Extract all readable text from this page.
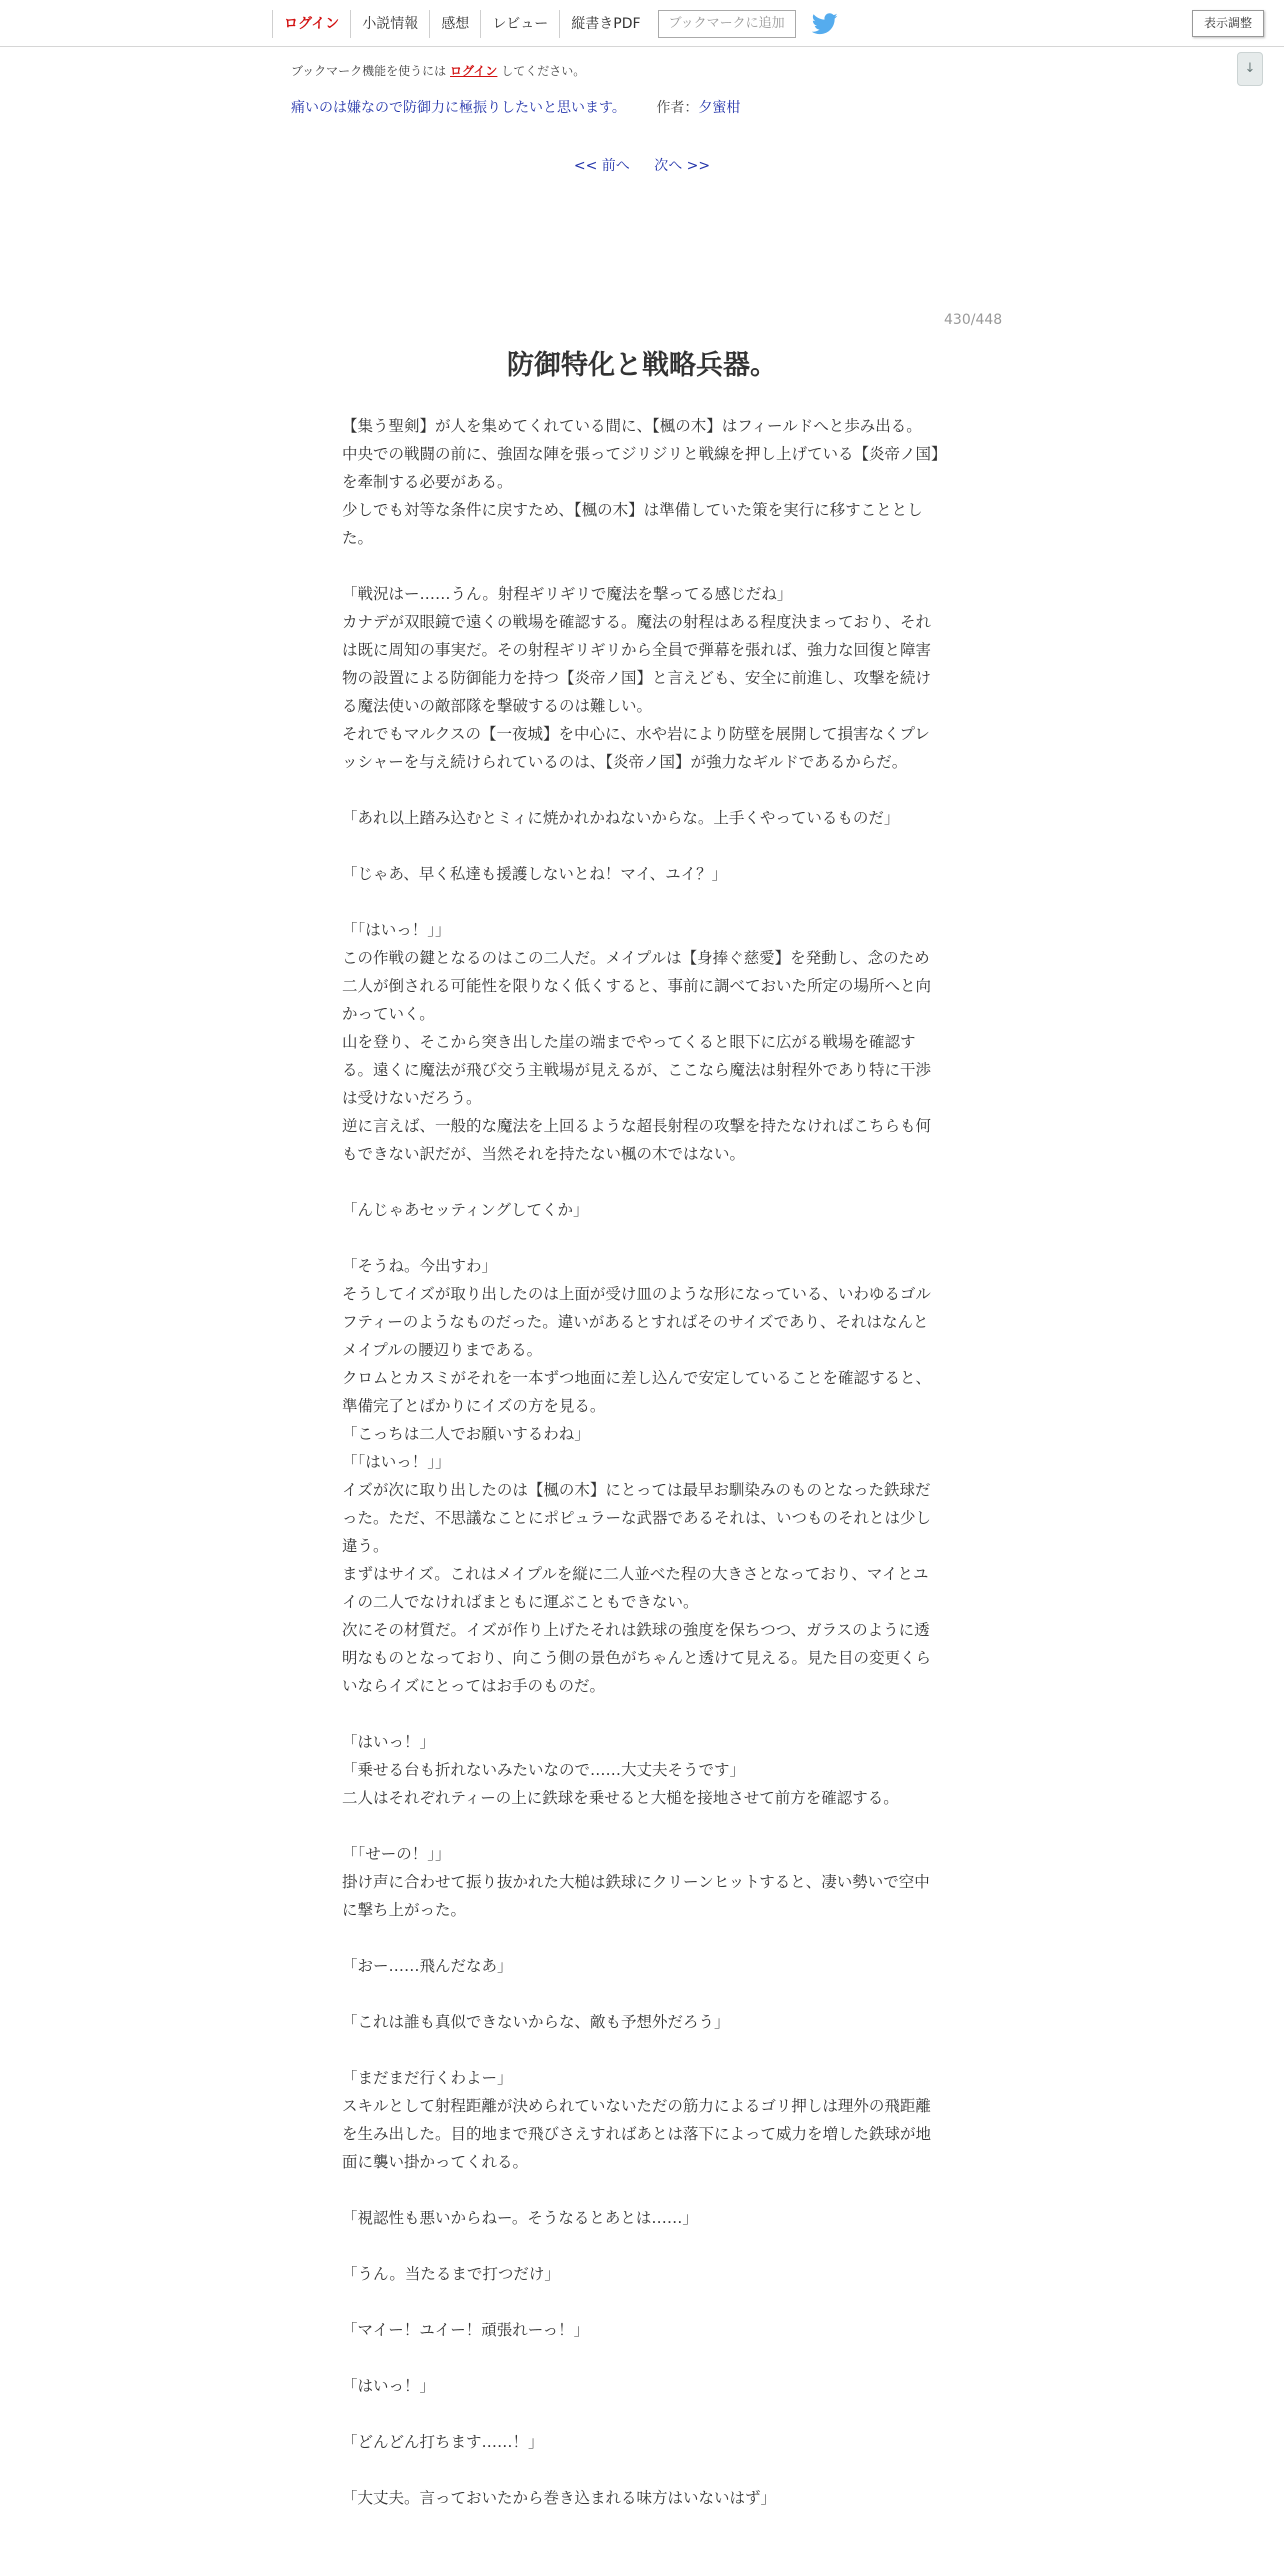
ログイン	小説情報	感想	レビュー	縦書きPDF	ブックマークに追加	表示調整
↓
ブックマーク機能を使うには ログイン してください。
痛いのは嫌なので防御力に極振りしたいと思います。 作者：夕蜜柑
<< 前へ 次へ >>
430/448
防御特化と戦略兵器。

【集う聖剣】が人を集めてくれている間に、【楓の木】はフィールドへと歩み出る。

中央での戦闘の前に、強固な陣を張ってジリジリと戦線を押し上げている【炎帝ノ国】を牽制する必要がある。

少しでも対等な条件に戻すため、【楓の木】は準備していた策を実行に移すこととした。

「戦況はー……うん。射程ギリギリで魔法を撃ってる感じだね」

カナデが双眼鏡で遠くの戦場を確認する。魔法の射程はある程度決まっており、それは既に周知の事実だ。その射程ギリギリから全員で弾幕を張れば、強力な回復と障害物の設置による防御能力を持つ【炎帝ノ国】と言えども、安全に前進し、攻撃を続ける魔法使いの敵部隊を撃破するのは難しい。

それでもマルクスの【一夜城】を中心に、水や岩により防壁を展開して損害なくプレッシャーを与え続けられているのは、【炎帝ノ国】が強力なギルドであるからだ。

「あれ以上踏み込むとミィに焼かれかねないからな。上手くやっているものだ」

「じゃあ、早く私達も援護しないとね！マイ、ユイ？」

「「はいっ！」」

この作戦の鍵となるのはこの二人だ。メイプルは【身捧ぐ慈愛】を発動し、念のため二人が倒される可能性を限りなく低くすると、事前に調べておいた所定の場所へと向かっていく。

山を登り、そこから突き出した崖の端までやってくると眼下に広がる戦場を確認する。遠くに魔法が飛び交う主戦場が見えるが、ここなら魔法は射程外であり特に干渉は受けないだろう。

逆に言えば、一般的な魔法を上回るような超長射程の攻撃を持たなければこちらも何もできない訳だが、当然それを持たない楓の木ではない。

「んじゃあセッティングしてくか」

「そうね。今出すわ」

そうしてイズが取り出したのは上面が受け皿のような形になっている、いわゆるゴルフティーのようなものだった。違いがあるとすればそのサイズであり、それはなんとメイプルの腰辺りまである。

クロムとカスミがそれを一本ずつ地面に差し込んで安定していることを確認すると、準備完了とばかりにイズの方を見る。

「こっちは二人でお願いするわね」

「「はいっ！」」

イズが次に取り出したのは【楓の木】にとっては最早お馴染みのものとなった鉄球だった。ただ、不思議なことにポピュラーな武器であるそれは、いつものそれとは少し違う。

まずはサイズ。これはメイプルを縦に二人並べた程の大きさとなっており、マイとユイの二人でなければまともに運ぶこともできない。

次にその材質だ。イズが作り上げたそれは鉄球の強度を保ちつつ、ガラスのように透明なものとなっており、向こう側の景色がちゃんと透けて見える。見た目の変更くらいならイズにとってはお手のものだ。

「はいっ！」

「乗せる台も折れないみたいなので……大丈夫そうです」

二人はそれぞれティーの上に鉄球を乗せると大槌を接地させて前方を確認する。

「「せーの！」」

掛け声に合わせて振り抜かれた大槌は鉄球にクリーンヒットすると、凄い勢いで空中に撃ち上がった。

「おー……飛んだなあ」

「これは誰も真似できないからな、敵も予想外だろう」

「まだまだ行くわよー」

スキルとして射程距離が決められていないただの筋力によるゴリ押しは理外の飛距離を生み出した。目的地まで飛びさえすればあとは落下によって威力を増した鉄球が地面に襲い掛かってくれる。

「視認性も悪いからねー。そうなるとあとは……」

「うん。当たるまで打つだけ」

「マイー！ユイー！頑張れーっ！」

「はいっ！」

「どんどん打ちます……！」

「大丈夫。言っておいたから巻き込まれる味方はいないはず」
